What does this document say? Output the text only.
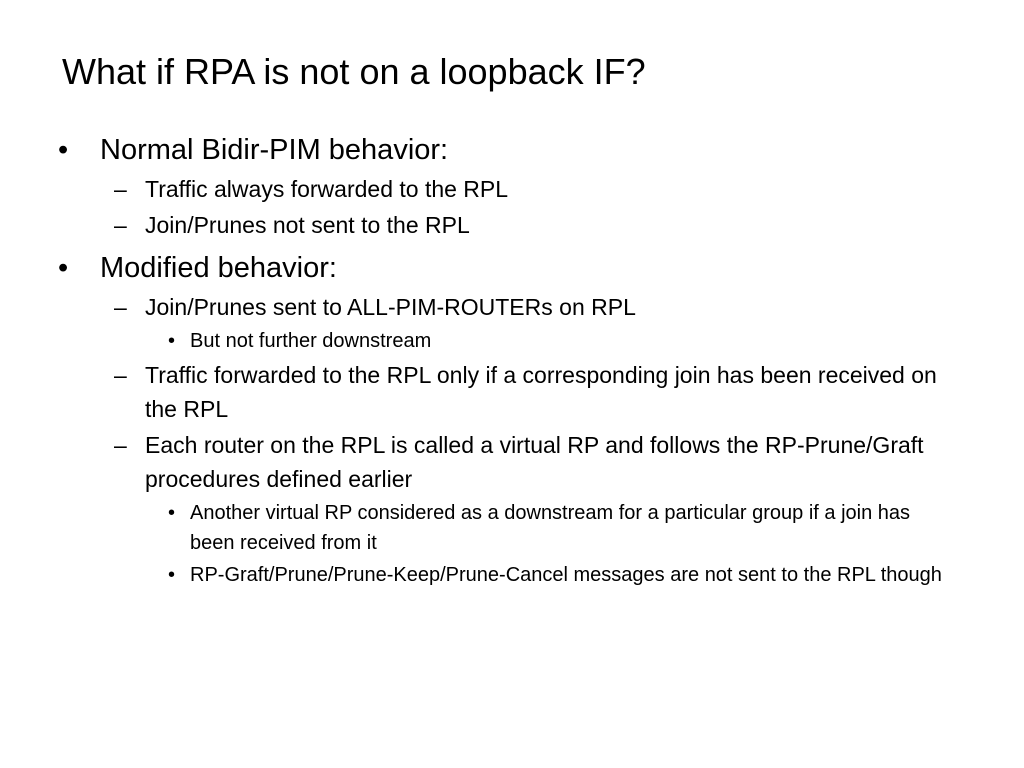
What if RPA is not on a loopback IF?
• Normal Bidir-PIM behavior:
– Traffic always forwarded to the RPL
– Join/Prunes not sent to the RPL
• Modified behavior:
– Join/Prunes sent to ALL-PIM-ROUTERs on RPL
• But not further downstream
– Traffic forwarded to the RPL only if a corresponding join has been received on the RPL
– Each router on the RPL is called a virtual RP and follows the RP-Prune/Graft procedures defined earlier
• Another virtual RP considered as a downstream for a particular group if a join has been received from it
• RP-Graft/Prune/Prune-Keep/Prune-Cancel messages are not sent to the RPL though
